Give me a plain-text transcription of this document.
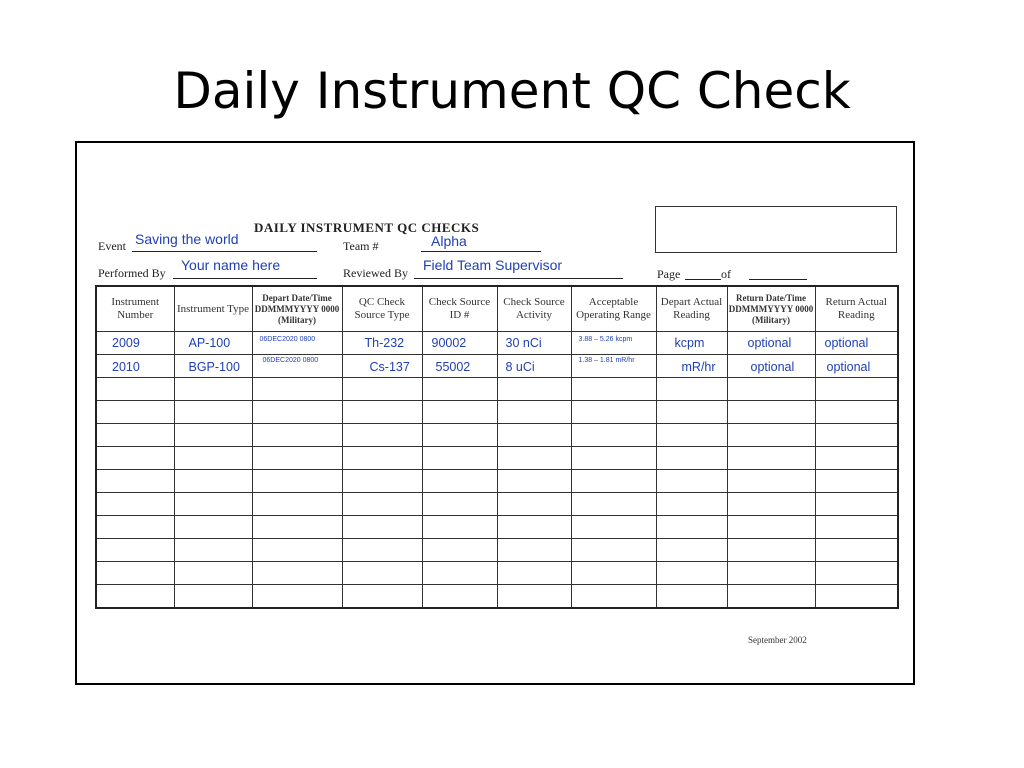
Daily Instrument QC Check
DAILY INSTRUMENT QC CHECKS
Event Saving the world	Team #	Alpha
Performed By Your name here	Reviewed By Field Team Supervisor
Page	of
Instrument Number	Instrument Type	Depart Date/Time DDMMMYYYY 0000 (Military)	QC Check Source Type	Check Source ID #	Check Source Activity	Acceptable Operating Range	Depart Actual Reading	Return Date/Time DDMMMYYYY 0000 (Military)	Return Actual Reading
2009	AP-100	06DEC2020 0800	Th-232	90002	30 nCi	3.88 – 5.26 kcpm	kcpm	optional	optional
2010	BGP-100	06DEC2020 0800	Cs-137	55002	8 uCi	1.38 – 1.81 mR/hr	mR/hr	optional	optional

September 2002
